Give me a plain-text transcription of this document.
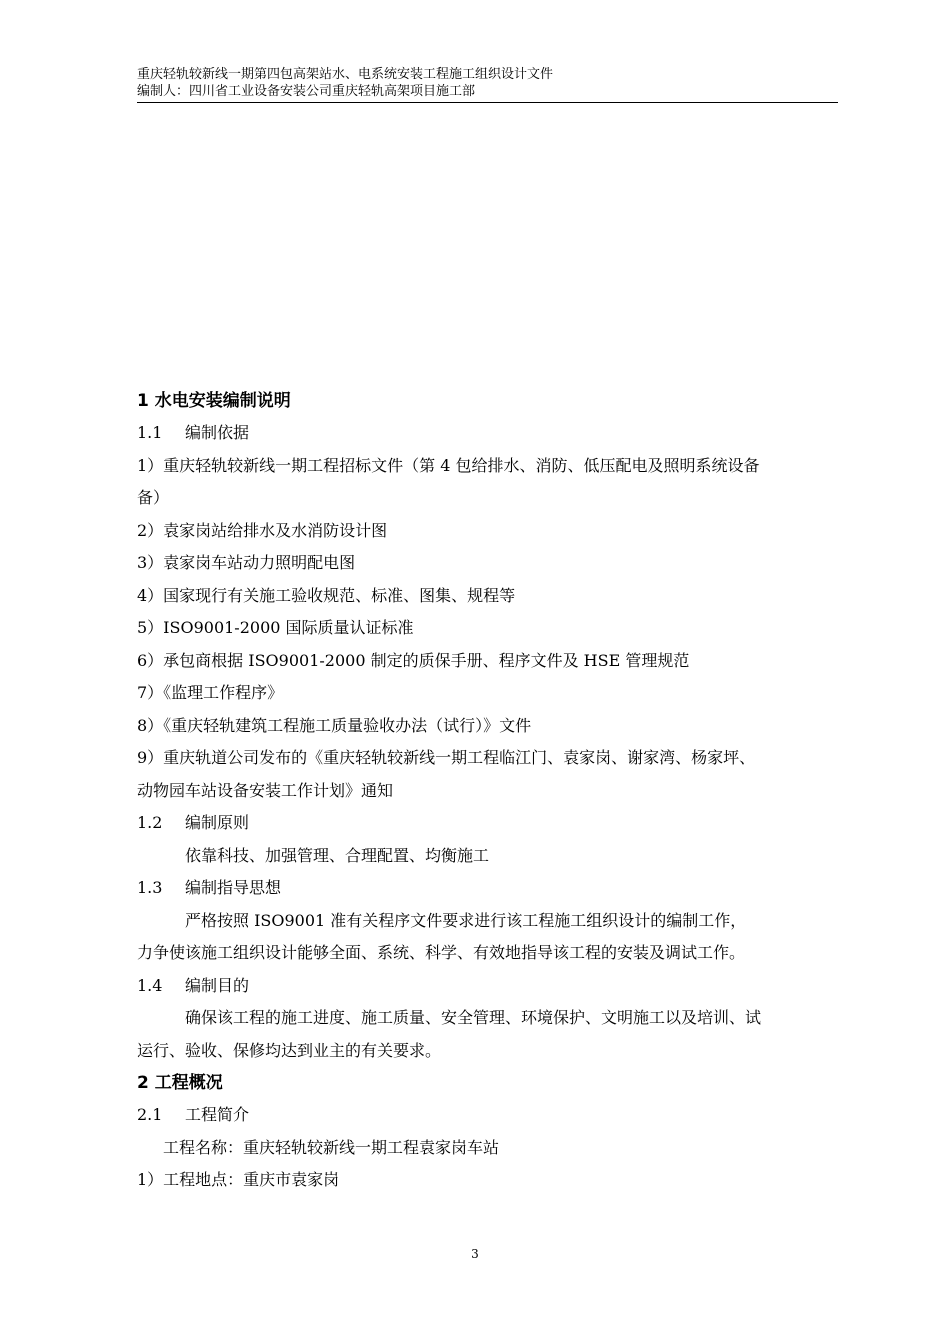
重庆轻轨较新线一期第四包高架站水、电系统安装工程施工组织设计文件
编制人：四川省工业设备安装公司重庆轻轨高架项目施工部
1 水电安装编制说明
1.1 编制依据
1）重庆轻轨较新线一期工程招标文件（第 4 包给排水、消防、低压配电及照明系统设备
备）
2）袁家岗站给排水及水消防设计图
3）袁家岗车站动力照明配电图
4）国家现行有关施工验收规范、标准、图集、规程等
5）ISO9001-2000 国际质量认证标准
6）承包商根据 ISO9001-2000 制定的质保手册、程序文件及 HSE 管理规范
7）《监理工作程序》
8）《重庆轻轨建筑工程施工质量验收办法（试行）》文件
9）重庆轨道公司发布的《重庆轻轨较新线一期工程临江门、袁家岗、谢家湾、杨家坪、
动物园车站设备安装工作计划》通知
1.2 编制原则
依靠科技、加强管理、合理配置、均衡施工
1.3 编制指导思想
严格按照 ISO9001 准有关程序文件要求进行该工程施工组织设计的编制工作，
力争使该施工组织设计能够全面、系统、科学、有效地指导该工程的安装及调试工作。
1.4 编制目的
确保该工程的施工进度、施工质量、安全管理、环境保护、文明施工以及培训、试
运行、验收、保修均达到业主的有关要求。
2 工程概况
2.1 工程简介
工程名称：重庆轻轨较新线一期工程袁家岗车站
1）工程地点：重庆市袁家岗
3
